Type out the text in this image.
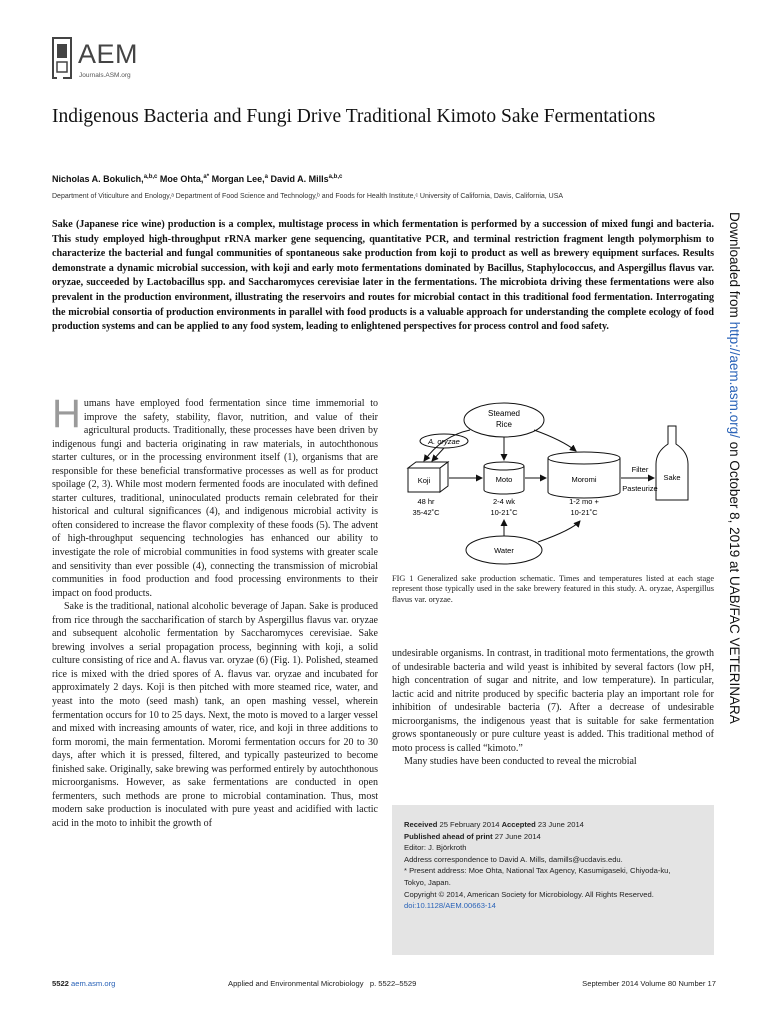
AEM
Journals.ASM.org
Indigenous Bacteria and Fungi Drive Traditional Kimoto Sake Fermentations
Nicholas A. Bokulich,$^{a,b,c}$ Moe Ohta,$^{a*}$ Morgan Lee,$^a$ David A. Mills$^{a,b,c}$
Department of Viticulture and Enology,ᵃ Department of Food Science and Technology,ᵇ and Foods for Health Institute,ᶜ University of California, Davis, California, USA
Sake (Japanese rice wine) production is a complex, multistage process in which fermentation is performed by a succession of mixed fungi and bacteria. This study employed high-throughput rRNA marker gene sequencing, quantitative PCR, and terminal restriction fragment length polymorphism to characterize the bacterial and fungal communities of spontaneous sake production from koji to product as well as brewery equipment surfaces. Results demonstrate a dynamic microbial succession, with koji and early moto fermentations dominated by Bacillus, Staphylococcus, and Aspergillus flavus var. oryzae, succeeded by Lactobacillus spp. and Saccharomyces cerevisiae later in the fermentations. The microbiota driving these fermentations were also prevalent in the production environment, illustrating the reservoirs and routes for microbial contact in this traditional food fermentation. Interrogating the microbial consortia of production environments in parallel with food products is a valuable approach for understanding the complete ecology of food production systems and can be applied to any food system, leading to enlightened perspectives for process control and food safety.

Humans have employed food fermentation since time immemorial to improve the safety, stability, flavor, nutrition, and value of their agricultural products. Traditionally, these processes have been driven by indigenous fungi and bacteria originating in raw materials, in autochthonous starter cultures, or in the processing environment itself (1), organisms that are responsible for these beneficial transformative processes as well as for product spoilage (2, 3). While most modern fermented foods are inoculated with defined starter cultures, traditional, uninoculated products remain celebrated for their historical and cultural significances (4), and indigenous microbial activity is often considered to increase the flavor complexity of these foods (5). The advent of high-throughput sequencing technologies has enhanced our ability to investigate the role of microbial communities in food systems with greater scale and sensitivity than ever possible (4), connecting the transmission of microbial communities in food production and food processing environments to their impact on food products.

Sake is the traditional, national alcoholic beverage of Japan. Sake is produced from rice through the saccharification of starch by Aspergillus flavus var. oryzae and subsequent alcoholic fermentation by Saccharomyces cerevisiae. Sake brewing involves a serial propagation process, beginning with koji, a solid culture consisting of rice and A. flavus var. oryzae (6) (Fig. 1). Polished, steamed rice is mixed with the dried spores of A. flavus var. oryzae and incubated for approximately 2 days. Koji is then pitched with more steamed rice, water, and yeast into the moto (seed mash) tank, an open mashing vessel, wherein fermentation occurs for 10 to 25 days. Next, the moto is moved to a larger vessel and mixed with increasing amounts of water, rice, and koji in three additions to form moromi, the main fermentation. Moromi fermentation occurs for 20 to 30 days, after which it is pressed, filtered, and typically pasteurized to become finished sake. Originally, sake brewing was performed entirely by autochthonous microorganisms. However, as sake fermentations are conducted in open fermenters, such methods are prone to microbial contamination. Thus, most modern sake production is inoculated with pure yeast and acidified with lactic acid in the moto to inhibit the growth of

Steamed
Rice
A. oryzae
Koji	Moto	Moromi	Sake
Filter
Pasteurize
Water
48 hr
35-42˚C
2-4 wk
10-21˚C
1-2 mo +
10-21˚C
FIG 1 Generalized sake production schematic. Times and temperatures listed at each stage represent those typically used in the sake brewery featured in this study. A. oryzae, Aspergillus flavus var. oryzae.

undesirable organisms. In contrast, in traditional moto fermentations, the growth of undesirable bacteria and wild yeast is inhibited by several factors (low pH, high concentration of sugar and nitrite, and low temperature). In particular, lactic acid and nitrite produced by specific bacteria play an important role for inhibition of undesirable bacteria (7). After a decrease of undesirable microorganisms, the indigenous yeast that is suitable for sake fermentation grows spontaneously or pure culture yeast is added. This traditional method of moto process is called “kimoto.”

Many studies have been conducted to reveal the microbial

Received 25 February 2014 Accepted 23 June 2014
Published ahead of print 27 June 2014
Editor: J. Björkroth
Address correspondence to David A. Mills, damills@ucdavis.edu.
* Present address: Moe Ohta, National Tax Agency, Kasumigaseki, Chiyoda-ku,
Tokyo, Japan.
Copyright © 2014, American Society for Microbiology. All Rights Reserved.
doi:10.1128/AEM.00663-14
5522 aem.asm.org	Applied and Environmental Microbiology p. 5522–5529	September 2014 Volume 80 Number 17
Downloaded from http://aem.asm.org/ on October 8, 2019 at UAB/FAC VETERINARA
